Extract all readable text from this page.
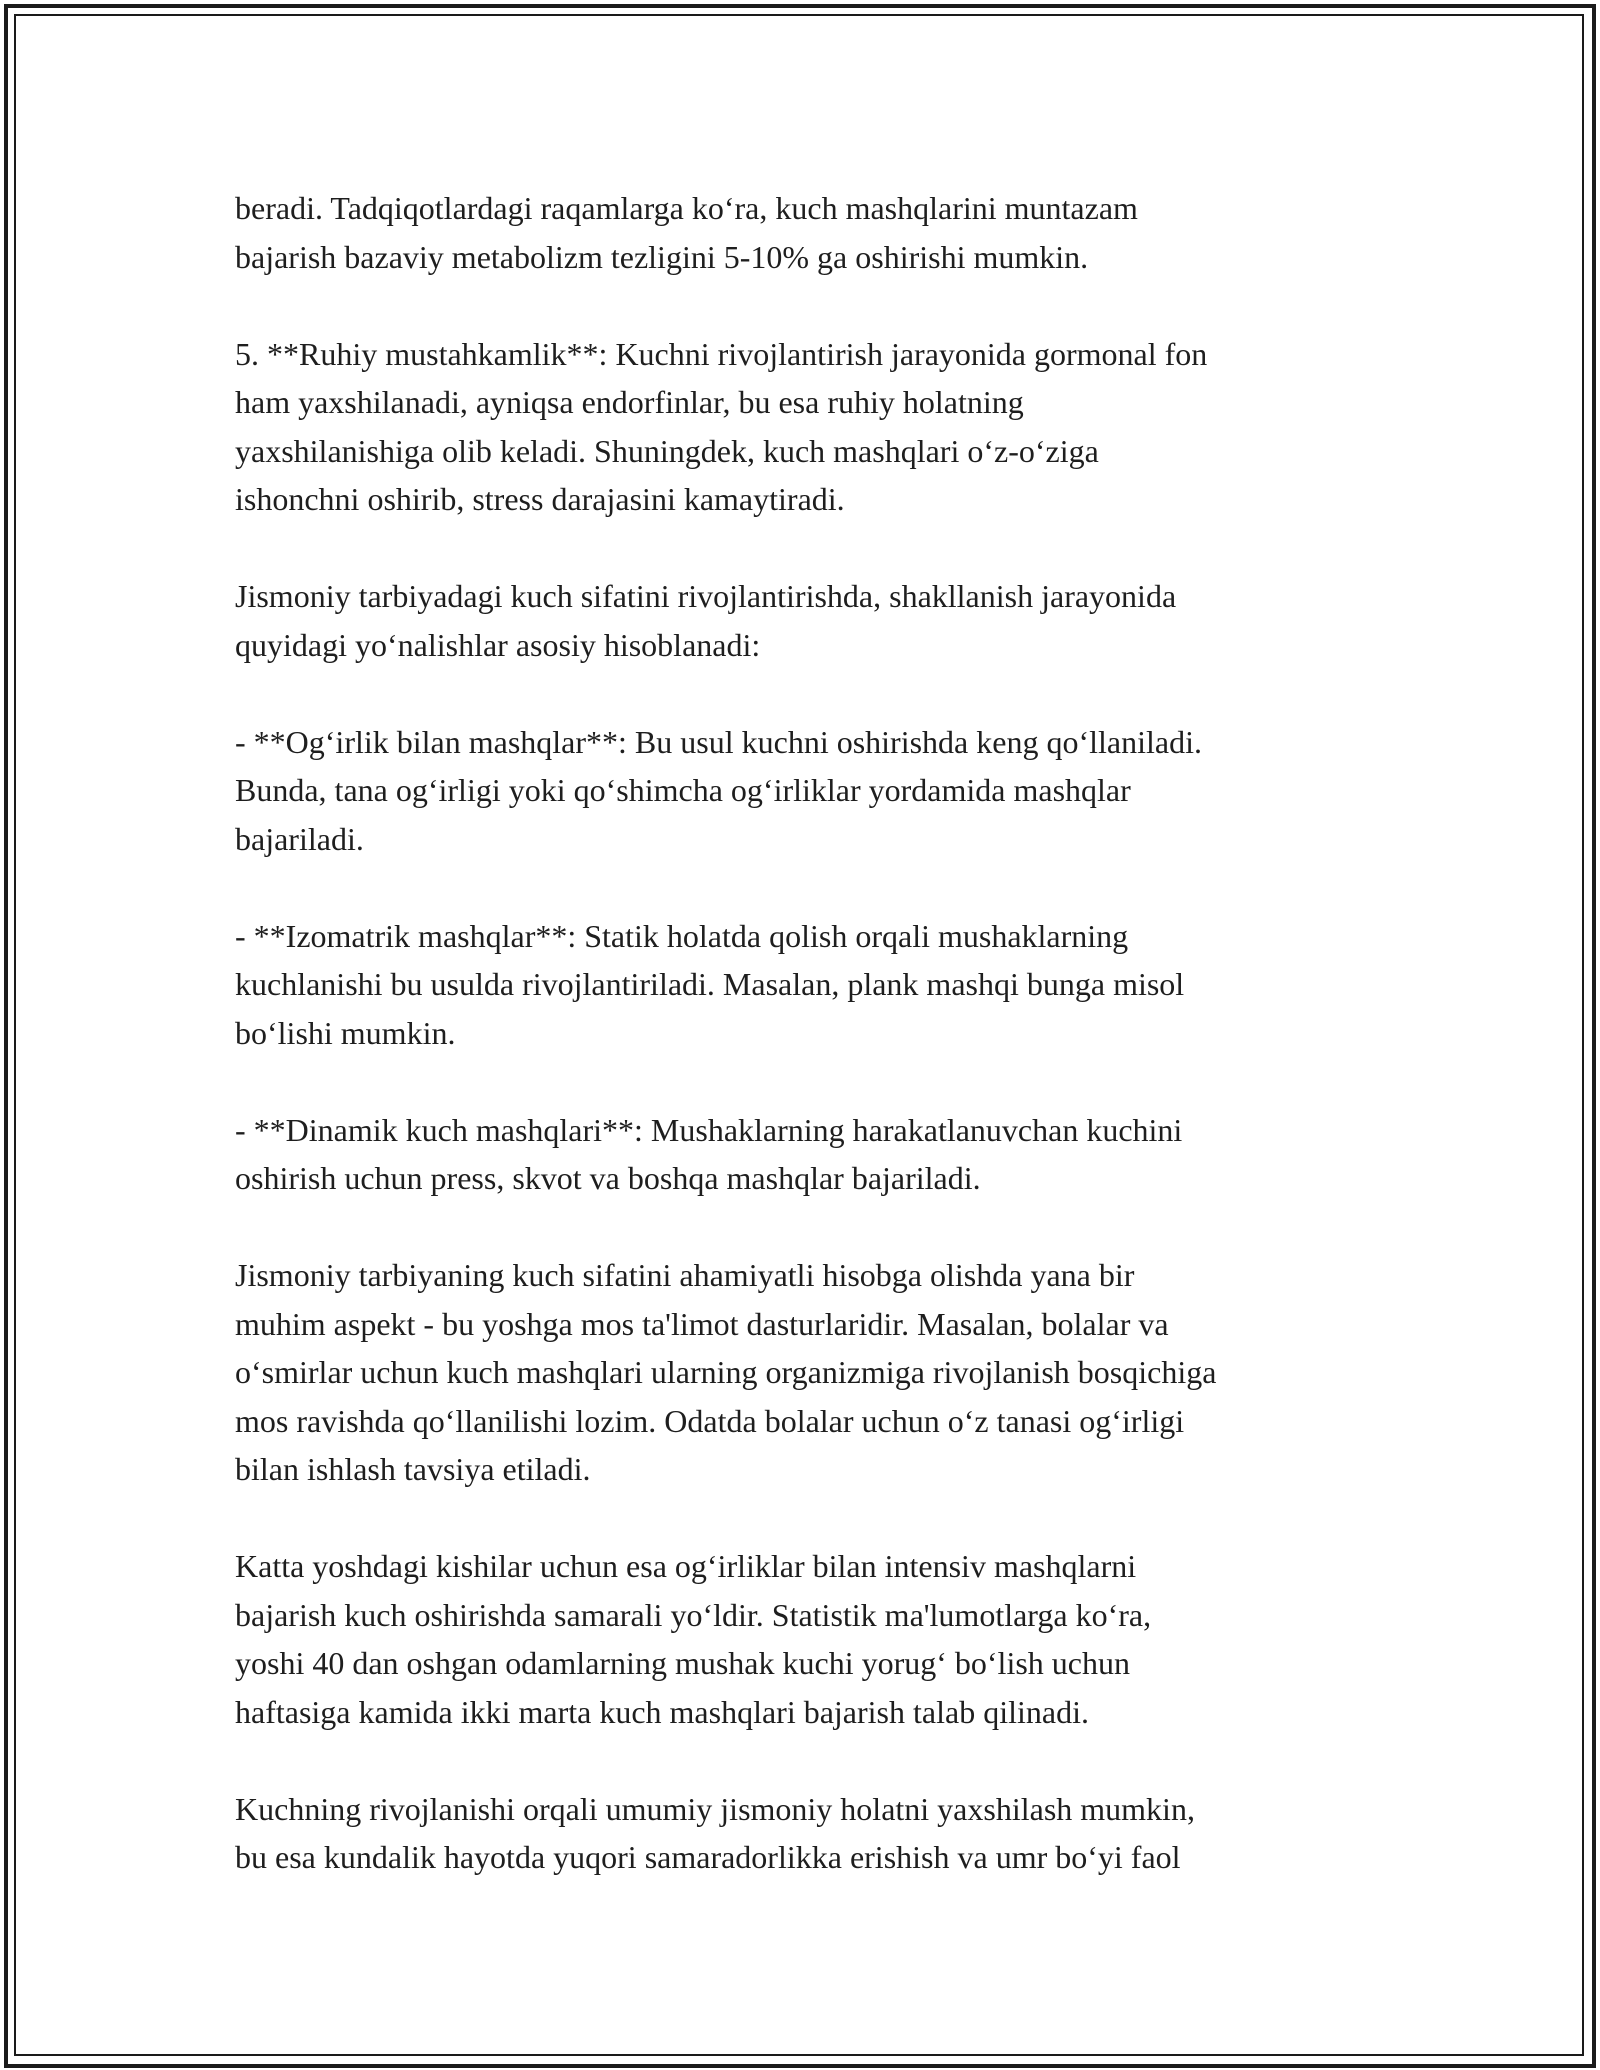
beradi. Tadqiqotlardagi raqamlarga ko‘ra, kuch mashqlarini muntazam
bajarish bazaviy metabolizm tezligini 5-10% ga oshirishi mumkin.

5. **Ruhiy mustahkamlik**: Kuchni rivojlantirish jarayonida gormonal fon
ham yaxshilanadi, ayniqsa endorfinlar, bu esa ruhiy holatning
yaxshilanishiga olib keladi. Shuningdek, kuch mashqlari o‘z-o‘ziga
ishonchni oshirib, stress darajasini kamaytiradi.

Jismoniy tarbiyadagi kuch sifatini rivojlantirishda, shakllanish jarayonida
quyidagi yo‘nalishlar asosiy hisoblanadi:

- **Og‘irlik bilan mashqlar**: Bu usul kuchni oshirishda keng qo‘llaniladi.
Bunda, tana og‘irligi yoki qo‘shimcha og‘irliklar yordamida mashqlar
bajariladi.

- **Izomatrik mashqlar**: Statik holatda qolish orqali mushaklarning
kuchlanishi bu usulda rivojlantiriladi. Masalan, plank mashqi bunga misol
bo‘lishi mumkin.

- **Dinamik kuch mashqlari**: Mushaklarning harakatlanuvchan kuchini
oshirish uchun press, skvot va boshqa mashqlar bajariladi.

Jismoniy tarbiyaning kuch sifatini ahamiyatli hisobga olishda yana bir
muhim aspekt - bu yoshga mos ta'limot dasturlaridir. Masalan, bolalar va
o‘smirlar uchun kuch mashqlari ularning organizmiga rivojlanish bosqichiga
mos ravishda qo‘llanilishi lozim. Odatda bolalar uchun o‘z tanasi og‘irligi
bilan ishlash tavsiya etiladi.

Katta yoshdagi kishilar uchun esa og‘irliklar bilan intensiv mashqlarni
bajarish kuch oshirishda samarali yo‘ldir. Statistik ma'lumotlarga ko‘ra,
yoshi 40 dan oshgan odamlarning mushak kuchi yorug‘ bo‘lish uchun
haftasiga kamida ikki marta kuch mashqlari bajarish talab qilinadi.

Kuchning rivojlanishi orqali umumiy jismoniy holatni yaxshilash mumkin,
bu esa kundalik hayotda yuqori samaradorlikka erishish va umr bo‘yi faol
